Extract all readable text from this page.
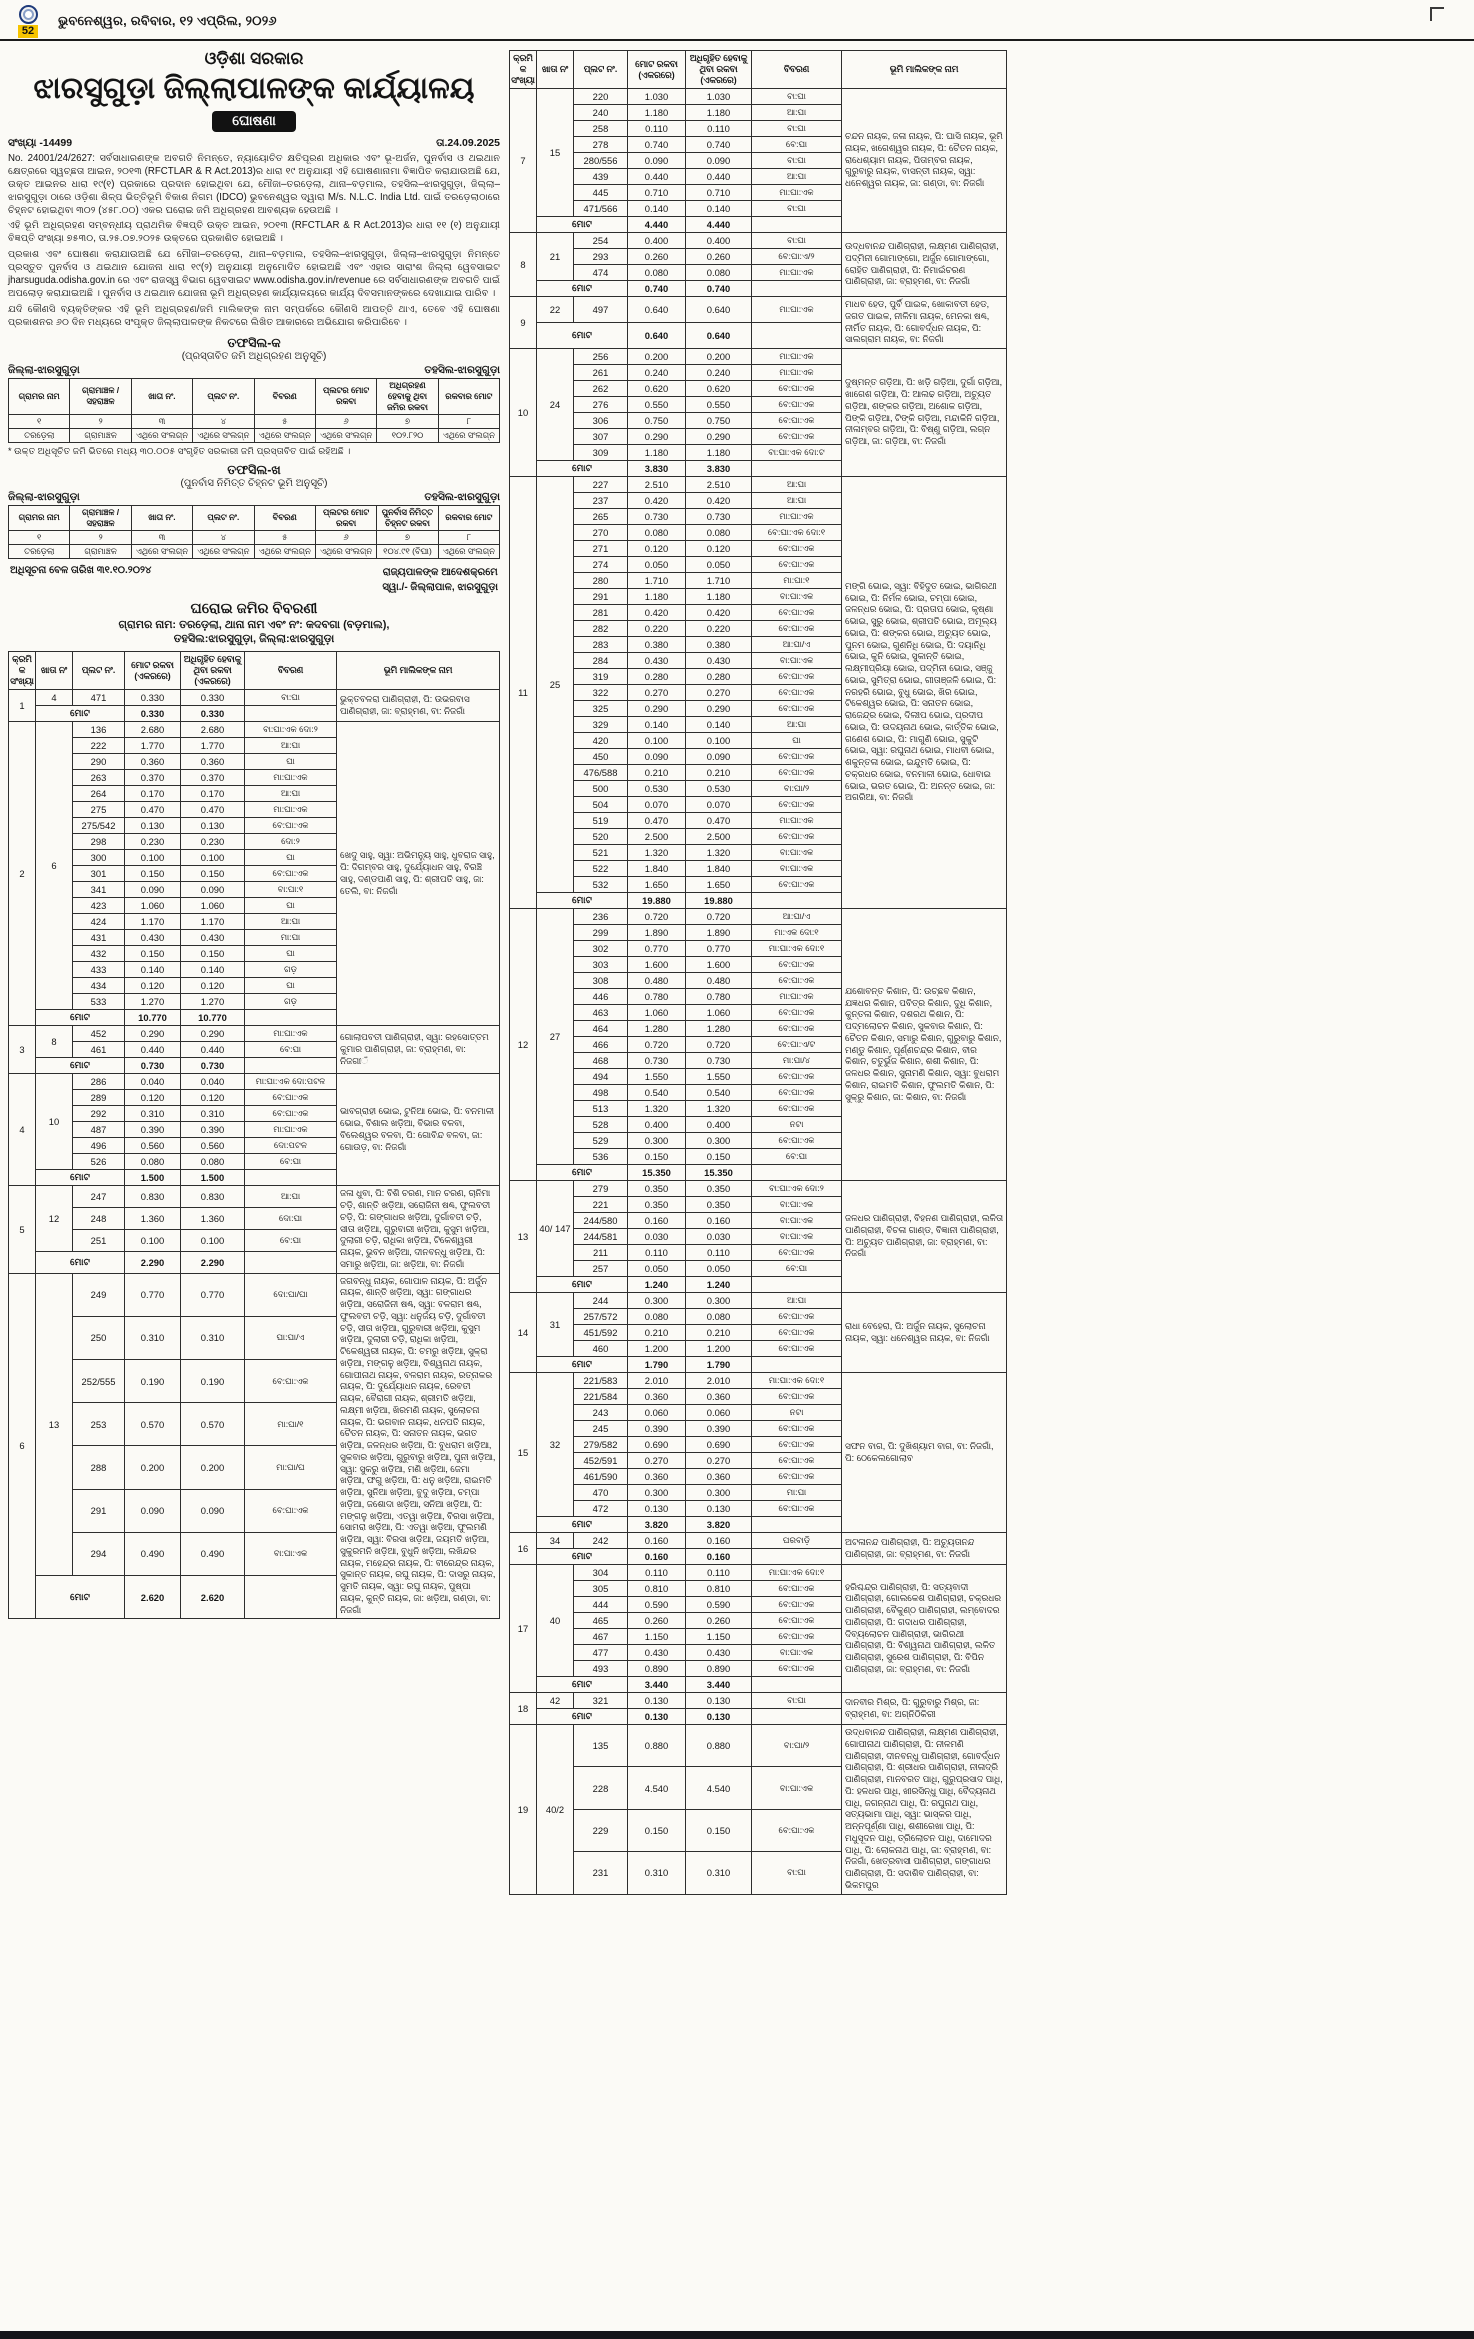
52
ଭୁବନେଶ୍ୱର, ରବିବାର, ୧୨ ଏପ୍ରିଲ, ୨୦୨୬
ଓଡ଼ିଶା ସରକାର
ଝାରସୁଗୁଡ଼ା ଜିଲ୍ଲାପାଳଙ୍କ କାର୍ଯ୍ୟାଳୟ
ଘୋଷଣା
ସଂଖ୍ୟା -14499	ତା.24.09.2025

No. 24001/24/2627: ସର୍ବସାଧାରଣଙ୍କ ଅବଗତି ନିମନ୍ତେ, ନ୍ୟାୟୋଚିତ କ୍ଷତିପୂରଣ ଅଧିକାର ଏବଂ ଭୂ-ଅର୍ଜନ, ପୁନର୍ବାସ ଓ ଥଇଥାନ କ୍ଷେତ୍ରରେ ସ୍ୱଚ୍ଛତା ଆଇନ, ୨୦୧୩ (RFCTLAR & R Act.2013)ର ଧାରା ୧୯ ଅନୁଯାୟୀ ଏହି ଘୋଷଣାନାମା ବିଜ୍ଞାପିତ କରାଯାଉଅଛି ଯେ, ଉକ୍ତ ଆଇନର ଧାରା ୧୯(୧) ପ୍ରକାରେ ପ୍ରଦାନ ହୋଇଥିବା ଯେ, ମୌଜା–ତରଡ଼େଲା, ଥାନା–ବଡ଼ମାଲ, ତହସିଲ–ଝାରସୁଗୁଡ଼ା, ଜିଲ୍ଲା–ଝାରସୁଗୁଡ଼ା ଠାରେ ଓଡ଼ିଶା ଶିଳ୍ପ ଭିତ୍ତିଭୂମି ବିକାଶ ନିଗମ (IDCO) ଭୁବନେଶ୍ୱର ଦ୍ୱାରା M/s. N.L.C. India Ltd. ପାଇଁ ତରଡ଼େଲାଠାରେ ଚିହ୍ନଟ ହୋଇଥିବା ୩୦୨ (୪୫୮.୦୦) ଏକର ଘରୋଇ ଜମି ଅଧିଗ୍ରହଣ ଆବଶ୍ୟକ ହେଉଅଛି ।

ଏହି ଭୂମି ଅଧିଗ୍ରହଣ ସମ୍ବନ୍ଧୀୟ ପ୍ରାଥମିକ ବିଜ୍ଞପ୍ତି ଉକ୍ତ ଆଇନ, ୨୦୧୩ (RFCTLAR & R Act.2013)ର ଧାରା ୧୧ (୧) ଅନୁଯାୟୀ ବିଜ୍ଞପ୍ତି ସଂଖ୍ୟା ୭୫୩୦, ତା.୨୫.୦୭.୨୦୨୫ ଉକ୍ତରେ ପ୍ରକାଶିତ ହୋଇଅଛି ।

ପ୍ରକାଶ ଏବଂ ଘୋଷଣା କରାଯାଉଅଛି ଯେ ମୌଜା–ତରଡ଼େଲା, ଥାନା–ବଡ଼ମାଲ, ତହସିଲ–ଝାରସୁଗୁଡ଼ା, ଜିଲ୍ଲା–ଝାରସୁଗୁଡ଼ା ନିମନ୍ତେ ପ୍ରସ୍ତୁତ ପୁନର୍ବାସ ଓ ଥଇଥାନ ଯୋଜନା ଧାରା ୧୯(୨) ଅନୁଯାୟୀ ଅନୁମୋଦିତ ହୋଇଅଛି ଏବଂ ଏହାର ସାରାଂଶ ଜିଲ୍ଲା ୱେବସାଇଟ jharsuguda.odisha.gov.in ରେ ଏବଂ ରାଜସ୍ୱ ବିଭାଗ ୱେବସାଇଟ www.odisha.gov.in/revenue ରେ ସର୍ବସାଧାରଣଙ୍କ ଅବଗତି ପାଇଁ ଅପଲୋଡ଼ କରାଯାଇଅଛି । ପୁନର୍ବାସ ଓ ଥଇଥାନ ଯୋଜନା ଭୂମି ଅଧିଗ୍ରହଣ କାର୍ଯ୍ୟାଳୟରେ କାର୍ଯ୍ୟ ଦିବସମାନଙ୍କରେ ଦେଖାଯାଇ ପାରିବ ।

ଯଦି କୌଣସି ବ୍ୟକ୍ତିଙ୍କର ଏହି ଭୂମି ଅଧିଗ୍ରହଣ/ଜମି ମାଲିକଙ୍କ ନାମ ସମ୍ପର୍କରେ କୌଣସି ଆପତ୍ତି ଥାଏ, ତେବେ ଏହି ଘୋଷଣା ପ୍ରକାଶନର ୬୦ ଦିନ ମଧ୍ୟରେ ସଂପୃକ୍ତ ଜିଲ୍ଲାପାଳଙ୍କ ନିକଟରେ ଲିଖିତ ଆକାରରେ ଅଭିଯୋଗ କରିପାରିବେ ।

ତଫସିଲ-କ
(ପ୍ରସ୍ତାବିତ ଜମି ଅଧିଗ୍ରହଣ ଅନୁସୂଚି)
ଜିଲ୍ଲା-ଝାରସୁଗୁଡ଼ା	ତହସିଲ-ଝାରସୁଗୁଡ଼ା
ଗ୍ରାମର ନାମ	ଗ୍ରାମାଞ୍ଚଳ /ସହରାଞ୍ଚଳ	ଖାତା ନଂ.	ପ୍ଲଟ ନଂ.	ବିବରଣ	ପ୍ଲଟର ମୋଟ ରକବା	ଅଧିଗ୍ରହଣ ହେବାକୁ ଥିବା ଜମିର ରକବା	ରକବାର ମୋଟ
୧	୨	୩	୪	୫	୬	୭	୮
ତରଡ଼େଲା	ଗ୍ରାମାଞ୍ଚଳ	ଏଥିରେ ସଂଲଗ୍ନ	ଏଥିରେ ସଂଲଗ୍ନ	ଏଥିରେ ସଂଲଗ୍ନ	ଏଥିରେ ସଂଲଗ୍ନ	୧୦୨.୮୨୦	ଏଥିରେ ସଂଲଗ୍ନ

* ଉକ୍ତ ଅଧିସୂଚିତ ଜମି ଭିତରେ ମଧ୍ୟ ୩୦.୦୦୫ ସଂଗୃହିତ ସରକାରୀ ଜମି ପ୍ରସ୍ତାବିତ ପାଇଁ ରହିଅଛି ।

ତଫସିଲ-ଖ
(ପୁନର୍ବାସ ନିମିତ୍ତ ଚିହ୍ନଟ ଭୂମି ଅନୁସୂଚି)
ଜିଲ୍ଲା-ଝାରସୁଗୁଡ଼ା	ତହସିଲ-ଝାରସୁଗୁଡ଼ା
ଗ୍ରାମର ନାମ	ଗ୍ରାମାଞ୍ଚଳ /ସହରାଞ୍ଚଳ	ଖାତା ନଂ.	ପ୍ଲଟ ନଂ.	ବିବରଣ	ପ୍ଲଟର ମୋଟ ରକବା	ପୁନର୍ବାସ ନିମିତ୍ତ ଚିହ୍ନଟ ରକବା	ରକବାର ମୋଟ
୧	୨	୩	୪	୫	୬	୭	୮
ତରଡ଼େଲା	ଗ୍ରାମାଞ୍ଚଳ	ଏଥିରେ ସଂଲଗ୍ନ	ଏଥିରେ ସଂଲଗ୍ନ	ଏଥିରେ ସଂଲଗ୍ନ	ଏଥିରେ ସଂଲଗ୍ନ	୧୦୪.୯୧ (ବିଘା)	ଏଥିରେ ସଂଲଗ୍ନ
ଅଧିସୂଚନା ବେଳ ତାରିଖ ୩୧.୧୦.୨୦୨୪	ରାଜ୍ୟପାଳଙ୍କ ଆଦେଶକ୍ରମେ
ସ୍ୱା./- ଜିଲ୍ଲାପାଳ, ଝାରସୁଗୁଡ଼ା
ଘରୋଇ ଜମିର ବିବରଣୀ
ଗ୍ରାମର ନାମ: ତରଡ଼େଲା, ଥାନା ନାମ ଏବଂ ନଂ: କଦବଗା (ବଡ଼ମାଲ),
ତହସିଲ:ଝାରସୁଗୁଡ଼ା, ଜିଲ୍ଲା:ଝାରସୁଗୁଡ଼ା
କ୍ରମିକ ସଂଖ୍ୟା	ଖାତା ନଂ	ପ୍ଲଟ ନଂ.	ମୋଟ ରକବା (ଏକରରେ)	ଅଧିଗୃହିତ ହେବାକୁ ଥିବା ରକବା (ଏକରରେ)	ବିବରଣ	ଭୂମି ମାଲିକଙ୍କ ନାମ
1	4	471	0.330	0.330	ବା:ଘା	ଭୁକ୍ତବଳରା ପାଣିଗ୍ରାହୀ, ପି: ଉଭରବାସ ପାଣିଗ୍ରାହୀ, ଜା: ବ୍ରାହ୍ମଣ, ବା: ନିଜଗାଁ
	ମୋଟ		0.330	0.330		
2	6	136	2.680	2.680	ବା:ଘା:ଏକ ଦୋ:୨	ଖେଦୁ ସାହୁ, ସ୍ୱା: ଅଭିମନ୍ୟୁ ସାହୁ, ଧୁବରାଜ ସାହୁ, ପି: ଦିଗମ୍ବର ସାହୁ, ଦୁର୍ଯ୍ୟୋଧନ ସାହୁ, ବିରଞ୍ଚି ସାହୁ, ଦଣ୍ଡପାଣି ସାହୁ, ପି: ଶ୍ରୀପତି ସାହୁ, ଜା: ତେଲି, ବା: ନିଜଗାଁ
		222	1.770	1.770	ଆ:ଘା	
		290	0.360	0.360	ଘା	
		263	0.370	0.370	ମା:ଘା:ଏକ	
		264	0.170	0.170	ଆ:ଘା	
		275	0.470	0.470	ମା:ଘା:ଏକ	
		275/542	0.130	0.130	ବେ:ଘା:ଏକ	
		298	0.230	0.230	ଦୋ:୨	
		300	0.100	0.100	ଘା	
		301	0.150	0.150	ବେ:ଘା:ଏକ	
		341	0.090	0.090	ବା:ଘା:୧	
		423	1.060	1.060	ଘା	
		424	1.170	1.170	ଆ:ଘା	
		431	0.430	0.430	ମା:ଘା	
		432	0.150	0.150	ଘା	
		433	0.140	0.140	ଗଡ଼	
		434	0.120	0.120	ଘା	
		533	1.270	1.270	ଗଡ଼	
	ମୋଟ		10.770	10.770		
3	8	452	0.290	0.290	ମା:ଘା:ଏକ	ଗୋଲାପବତୀ ପାଣିଗ୍ରାହୀ, ସ୍ୱା: ରହସୋତ୍ତମ କୁମାର ପାଣିଗ୍ରାହୀ, ଜା: ବ୍ରାହ୍ମଣ, ବା: ନିଜଗା́ଁ
		461	0.440	0.440	ବେ:ଘା	
	ମୋଟ		0.730	0.730		
4	10	286	0.040	0.040	ମା:ଘା:ଏକ ଦୋ:ପଟଳ	ଭାବଗ୍ରାହୀ ଭୋଇ, ଟୁନିଆ ଭୋଇ, ପି: ବନମାଳୀ ଭୋଇ, ବିଶାଲ ଖଡ଼ିଆ, ବିଭାର ବଳବା, ବିଲେଶ୍ୱର ବଳବା, ପି: ଗୋବିନ୍ଦ ବଳବା, ଜା: ଗୋଉଡ଼, ବା: ନିଜଗାଁ
		289	0.120	0.120	ବେ:ଘା:ଏକ	
		292	0.310	0.310	ବେ:ଘା:ଏକ	
		487	0.390	0.390	ମା:ଘା:ଏକ	
		496	0.560	0.560	ଦୋ:ପଟଳ	
		526	0.080	0.080	ବେ:ଘା	
	ମୋଟ		1.500	1.500		
5	12	247	0.830	0.830	ଆ:ଘା	ଜଳା ଧୁବା, ପି: ବିଶି ଚରଣ, ମାନ ଚରଣ, ଚାନିମା ଚଡ଼ି, ଶାନ୍ତି ଖଡ଼ିଆ, ସରୋଜିନୀ ଷଣ୍ଢ, ଫୁଲବତୀ ଚଡ଼ି, ପି: ଗଙ୍ଗାଧର ଖଡ଼ିଆ, ଦୁର୍ଗାବତୀ ଚଡ଼ି, ସୀତା ଖଡ଼ିଆ, ଗୁରୁବାରୀ ଖଡ଼ିଆ, କୁସୁମ ଖଡ଼ିଆ, ଦୁଲାରୀ ଚଡ଼ି, ରାଧିକା ଖଡ଼ିଆ, ଟିକେଶ୍ୱରୀ ନାୟକ, ଭୁବନ ଖଡ଼ିଆ, ଦୀନବନ୍ଧୁ ଖଡ଼ିଆ, ପି: ସମାରୁ ଖଡ଼ିଆ, ଜା: ଖଡ଼ିଆ, ବା: ନିଜଗାଁ
		248	1.360	1.360	ଦୋ:ଘା	
		251	0.100	0.100	ବେ:ଘା	
	ମୋଟ		2.290	2.290		
6	13	249	0.770	0.770	ଦୋ:ଘା/ଘା	ଜଗବନ୍ଧୁ ନାୟକ, ଗୋପାଳ ନାୟକ, ପି: ଅର୍ଜୁନ ନାୟକ, ଶାନ୍ତି ଖଡ଼ିଆ, ସ୍ୱା: ଗଙ୍ଗାଧର ଖଡ଼ିଆ, ସରୋଜିନୀ ଷଣ୍ଢ, ସ୍ୱା: ବଳରାମ ଷଣ୍ଢ, ଫୁଲବତୀ ଚଡ଼ି, ସ୍ୱା: ଧନୁର୍ଜୟ ଚଡ଼ି, ଦୁର୍ଗାବତୀ ଚଡ଼ି, ସୀତା ଖଡ଼ିଆ, ଗୁରୁବାରୀ ଖଡ଼ିଆ, କୁସୁମ ଖଡ଼ିଆ, ଦୁଲାରୀ ଚଡ଼ି, ରାଧିକା ଖଡ଼ିଆ, ଟିକେଶ୍ୱରୀ ନାୟକ, ପି: ଚମରୁ ଖଡ଼ିଆ, ସୁକ୍ରା ଖଡ଼ିଆ, ମଙ୍ଗଳୁ ଖଡ଼ିଆ, ବିଶ୍ୱନାଥ ନାୟକ, ଗୋପୀନାଥ ନାୟକ, ବଳରାମ ନାୟକ, ରତ୍ନାକର ନାୟକ, ପି: ଦୁର୍ଯ୍ୟୋଧନ ନାୟକ, ରେବତୀ ନାୟକ, ବୈରାଗୀ ନାୟକ, ଶ୍ରୀମତି ଖଡ଼ିଆ, ଲକ୍ଷ୍ମୀ ଖଡ଼ିଆ, ଖିରମଣି ନାୟକ, ସୁଲୋଚନା ନାୟକ, ପି: ଭଗବାନ ନାୟକ, ଧନପତି ନାୟକ, ଚୈତନ ନାୟକ, ପି: ସନାତନ ନାୟକ, ଭଗତ ଖଡ଼ିଆ, ଜଳନ୍ଧର ଖଡ଼ିଆ, ପି: ବୁଧରାମ ଖଡ଼ିଆ, ସୁକବାର ଖଡ଼ିଆ, ଗୁରୁବାରୁ ଖଡ଼ିଆ, ପୁନୀ ଖଡ଼ିଆ, ସ୍ୱା: ସୁକରୁ ଖଡ଼ିଆ, ମଣି ଖଡ଼ିଆ, ଜେମା ଖଡ଼ିଆ, ଫଗୁ ଖଡ଼ିଆ, ପି: ଧନୁ ଖଡ଼ିଆ, ରାଇମତି ଖଡ଼ିଆ, ସୁନିଆ ଖଡ଼ିଆ, ବୁଦୁ ଖଡ଼ିଆ, ଚମ୍ପା ଖଡ଼ିଆ, ଜଶୋଦା ଖଡ଼ିଆ, ସନିଆ ଖଡ଼ିଆ, ପି: ମଙ୍ଗଳୁ ଖଡ଼ିଆ, ଏତୱା ଖଡ଼ିଆ, ବିରସା ଖଡ଼ିଆ, ସୋମରା ଖଡ଼ିଆ, ପି: ଏତୱା ଖଡ଼ିଆ, ଫୁଲମଣି ଖଡ଼ିଆ, ସ୍ୱା: ବିରସା ଖଡ଼ିଆ, ଜୟମତି ଖଡ଼ିଆ, ସୁକୁରମନି ଖଡ଼ିଆ, ବୁଧୁନି ଖଡ଼ିଆ, ଲଖିନ୍ଦର ନାୟକ, ମହେନ୍ଦ୍ର ନାୟକ, ପି: ବୀରେନ୍ଦ୍ର ନାୟକ, ସୁକାନ୍ତ ନାୟକ, ରଘୁ ନାୟକ, ପି: ଦାସରୁ ନାୟକ, ସୁମତି ନାୟକ, ସ୍ୱା: ରଘୁ ନାୟକ, ପୁଷ୍ପା ନାୟକ, କୁନ୍ତି ନାୟକ, ଜା: ଖଡ଼ିଆ, ଗଣ୍ଡା, ବା: ନିଜଗାଁ
		250	0.310	0.310	ଘା:ଘା/ଏ	
		252/555	0.190	0.190	ବେ:ଘା:ଏକ	
		253	0.570	0.570	ମା:ଘା/୧	
		288	0.200	0.200	ମା:ଘା/ଘ	
		291	0.090	0.090	ବେ:ଘା:ଏକ	
		294	0.490	0.490	ବା:ଘା:ଏକ	
	ମୋଟ		2.620	2.620		
କ୍ରମିକ ସଂଖ୍ୟା	ଖାତା ନଂ	ପ୍ଲଟ ନଂ.	ମୋଟ ରକବା (ଏକରରେ)	ଅଧିଗୃହିତ ହେବାକୁ ଥିବା ରକବା (ଏକରରେ)	ବିବରଣ	ଭୂମି ମାଲିକଙ୍କ ନାମ
7	15	220	1.030	1.030	ବା:ଘା	ଚନ୍ଦନ ନାୟକ, ଜଳା ନାୟକ, ପି: ଘାସି ନାୟକ, ଭୂମି ନାୟକ, ଖଗେଶ୍ୱର ନାୟକ, ପି: ଚୈତନ ନାୟକ, ରାଧେଶ୍ୟାମ ନାୟକ, ପିତାମ୍ବର ନାୟକ, ଗୁରୁବାରୁ ନାୟକ, ବାସନ୍ତୀ ନାୟକ, ସ୍ୱା: ଧନେଶ୍ୱର ନାୟକ, ଜା: ଗଣ୍ଡା, ବା: ନିଜଗାଁ
		240	1.180	1.180	ଆ:ଘା	
		258	0.110	0.110	ବା:ଘା	
		278	0.740	0.740	ବେ:ଘା	
		280/556	0.090	0.090	ବା:ଘା	
		439	0.440	0.440	ଆ:ଘା	
		445	0.710	0.710	ମା:ଘା:ଏକ	
		471/566	0.140	0.140	ବା:ଘା	
	ମୋଟ		4.440	4.440		
8	21	254	0.400	0.400	ବା:ଘା	ଉଦ୍ଧବାନନ୍ଦ ପାଣିଗ୍ରାହୀ, ଲକ୍ଷ୍ମଣ ପାଣିଗ୍ରାହୀ, ପଦ୍ମିନୀ ଗୋମାଙ୍ଗୋ, ଅର୍ଜୁନ ଗୋମାଙ୍ଗୋ, ରୋହିତ ପାଣିଗ୍ରାହୀ, ପି: ନିମାଇଁଚରଣ ପାଣିଗ୍ରାହୀ, ଜା: ବ୍ରାହ୍ମଣ, ବା: ନିଜଗାଁ
		293	0.260	0.260	ବେ:ଘା:ଏ/୨	
		474	0.080	0.080	ମା:ଘା:ଏକ	
	ମୋଟ		0.740	0.740		
9	22	497	0.640	0.640	ମା:ଘା:ଏକ	ମାଧବ ହେଡ, ପୁର୍ବି ପାଇକ, ଖୋକାବତୀ ହେଡ, ଜଗତ ପାଇକ, ନୀଳିମା ନାୟକ, ମେନକା ଷଣ୍ଢ, ନୀର୍ମିତ ନାୟକ, ପି: ଗୋବର୍ଦ୍ଧନ ନାୟକ, ପି: ସାଲଗ୍ରାମ ନାୟକ, ବା: ନିଜଗାଁ
	ମୋଟ		0.640	0.640		
10	24	256	0.200	0.200	ମା:ଘା:ଏକ	ଦୁଷ୍ମନ୍ତ ଗଡ଼ିଆ, ପି: ଖଡ଼ି ଗଡ଼ିଆ, ଦୁର୍ଗା ଗଡ଼ିଆ, ଖାଗେଶ ଗଡ଼ିଆ, ପି: ଆଲଢ ଗଡ଼ିଆ, ଅଚ୍ୟୁତ ଗଡ଼ିଆ, ଶଙ୍କର ଗଡ଼ିଆ, ଅଶୋକ ଗଡ଼ିଆ, ପିଙ୍କି ଗଡ଼ିଆ, ଟିଙ୍କି ଗଡ଼ିଆ, ମନ୍ଦାକିନି ଗଡ଼ିଆ, ନୀଳାମ୍ବର ଗଡ଼ିଆ, ପି: ବିଷ୍ଣୁ ଗଡ଼ିଆ, ଲଗ୍ନ ଗଡ଼ିଆ, ଜା: ଗଡ଼ିଆ, ବା: ନିଜଗାଁ
		261	0.240	0.240	ମା:ଘା:ଏକ	
		262	0.620	0.620	ବେ:ଘା:ଏକ	
		276	0.550	0.550	ବେ:ଘା:ଏକ	
		306	0.750	0.750	ବେ:ଘା:ଏକ	
		307	0.290	0.290	ବେ:ଘା:ଏକ	
		309	1.180	1.180	ବା:ଘା:ଏକ ଦୋ:ଟ	
	ମୋଟ		3.830	3.830		
11	25	227	2.510	2.510	ଆ:ଘା	ମଙ୍ଗି ଭୋଇ, ସ୍ୱା: ବିହିଦୁତ ଭୋଇ, ଭାଗିରଥୀ ଭୋଇ, ପି: ନିର୍ମଳ ଭୋଇ, ଚମ୍ପା ଭୋଇ, ଜଳନ୍ଧର ଭୋଇ, ପି: ପ୍ରତାପ ଭୋଇ, କୃଷ୍ଣା ଭୋଇ, ସୁରୁ ଭୋଇ, ଶ୍ରୀପତି ଭୋଇ, ଅମୂଲ୍ୟ ଭୋଇ, ପି: ଶଙ୍କର ଭୋଇ, ଅଚ୍ୟୁତ ଭୋଇ, ପୁନମ ଭୋଇ, ଗୁଣନିଧି ଭୋଇ, ପି: ଦୟାନିଧି ଭୋଇ, କୁନି ଭୋଇ, ସୁକାନ୍ତି ଭୋଇ, ଲକ୍ଷ୍ମୀପ୍ରିୟା ଭୋଇ, ପଦ୍ମିନୀ ଭୋଇ, ସଞ୍ଜୁ ଭୋଇ, ସୁମିତ୍ରା ଭୋଇ, ଗୀତାଞ୍ଜଳି ଭୋଇ, ପି: ନରହରି ଭୋଇ, ବୁଧୁ ଭୋଇ, ଖିର ଭୋଇ, ଟିକେଶ୍ୱର ଭୋଇ, ପି: ସନାତନ ଭୋଇ, ରାଜେନ୍ଦ୍ର ଭୋଇ, ଦିଲୀପ ଭୋଇ, ପ୍ରଦୀପ ଭୋଇ, ପି: ଉଦୟନାଥ ଭୋଇ, କାର୍ତ୍ତିକ ଭୋଇ, ଗଣେଶ ଭୋଇ, ପି: ମାଗୁଣି ଭୋଇ, ସୁକୁଟି ଭୋଇ, ସ୍ୱା: ରଘୁନାଥ ଭୋଇ, ମାଧବୀ ଭୋଇ, ଶକୁନ୍ତଳା ଭୋଇ, ଇନ୍ଦୁମତି ଭୋଇ, ପି: ଚକ୍ରଧର ଭୋଇ, ବନମାଳୀ ଭୋଇ, ଧୋବାଇ ଭୋଇ, ଭରତ ଭୋଇ, ପି: ଅନନ୍ତ ଭୋଇ, ଜା: ଅଗରିଆ, ବା: ନିଜଗାଁ
		237	0.420	0.420	ଆ:ଘା	
		265	0.730	0.730	ମା:ଘା:ଏକ	
		270	0.080	0.080	ବେ:ଘା:ଏକ ଦୋ:୧	
		271	0.120	0.120	ବେ:ଘା:ଏକ	
		274	0.050	0.050	ବେ:ଘା:ଏକ	
		280	1.710	1.710	ମା:ଘା:୧	
		291	1.180	1.180	ବା:ଘା:ଏକ	
		281	0.420	0.420	ବେ:ଘା:ଏକ	
		282	0.220	0.220	ବେ:ଘା:ଏକ	
		283	0.380	0.380	ଆ:ଘା/ଏ	
		284	0.430	0.430	ବା:ଘା:ଏକ	
		319	0.280	0.280	ବେ:ଘା:ଏକ	
		322	0.270	0.270	ବେ:ଘା:ଏକ	
		325	0.290	0.290	ବେ:ଘା:ଏକ	
		329	0.140	0.140	ଆ:ଘା	
		420	0.100	0.100	ଘା	
		450	0.090	0.090	ବେ:ଘା:ଏକ	
		476/588	0.210	0.210	ବେ:ଘା:ଏକ	
		500	0.530	0.530	ବା:ଘା/୨	
		504	0.070	0.070	ବେ:ଘା:ଏକ	
		519	0.470	0.470	ମା:ଘା:ଏକ	
		520	2.500	2.500	ବେ:ଘା:ଏକ	
		521	1.320	1.320	ବା:ଘା:ଏକ	
		522	1.840	1.840	ବା:ଘା:ଏକ	
		532	1.650	1.650	ବେ:ଘା:ଏକ	
	ମୋଟ		19.880	19.880		
12	27	236	0.720	0.720	ଆ:ଘା/ଏ	ଯଶୋବନ୍ତ କିଶାନ, ପି: ଉଚ୍ଛବ କିଶାନ, ଯଜ୍ଞଧର କିଶାନ, ପବିତ୍ର କିଶାନ, ଦୁଧି କିଶାନ, କୁନ୍ତଳା କିଶାନ, ଦଶରଥ କିଶାନ, ପି: ପଦ୍ମଲୋଚନ କିଶାନ, ସୁକବାର କିଶାନ, ପି: ଚୈତନ କିଶାନ, ସମାରୁ କିଶାନ, ଗୁରୁବାରୁ କିଶାନ, ମଣ୍ଡୁ କିଶାନ, ପୂର୍ଣ୍ଣଚନ୍ଦ୍ର କିଶାନ, ବୀର କିଶାନ, ଚତୁର୍ଭୁଜ କିଶାନ, ଶଶୀ କିଶାନ, ପି: ଜଳଧର କିଶାନ, ସୁନାମଣି କିଶାନ, ସ୍ୱା: ବୁଧରାମ କିଶାନ, ରାଇମତି କିଶାନ, ଫୁଲମତି କିଶାନ, ପି: ସୁକ୍ରୁ କିଶାନ, ଜା: କିଶାନ, ବା: ନିଜଗାଁ
		299	1.890	1.890	ମା:ଏକ ଦୋ:୧	
		302	0.770	0.770	ମା:ଘା:ଏକ ଦୋ:୧	
		303	1.600	1.600	ବେ:ଘା:ଏକ	
		308	0.480	0.480	ବେ:ଘା:ଏକ	
		446	0.780	0.780	ମା:ଘା:ଏକ	
		463	1.060	1.060	ବେ:ଘା:ଏକ	
		464	1.280	1.280	ବେ:ଘା:ଏକ	
		466	0.720	0.720	ବେ:ଘା:ଏ/ଟ	
		468	0.730	0.730	ମା:ଘା/୪	
		494	1.550	1.550	ବେ:ଘା:ଏକ	
		498	0.540	0.540	ବେ:ଘା:ଏକ	
		513	1.320	1.320	ବେ:ଘା:ଏକ	
		528	0.400	0.400	ନଟା	
		529	0.300	0.300	ବେ:ଘା:ଏକ	
		536	0.150	0.150	ବେ:ଘା	
	ମୋଟ		15.350	15.350		
13	40/ 147	279	0.350	0.350	ବା:ଘା:ଏକ ଦୋ:୨	ଜଳଧର ପାଣିଗ୍ରାହୀ, ବିହନଣ ପାଣିଗ୍ରାହୀ, ଲଳିତା ପାଣିଗ୍ରାହୀ, ବିଚଳା ଗାଣ୍ଡ, ବିଜ୍ଞାନୀ ପାଣିଗ୍ରାହୀ, ପି: ଅଚ୍ୟୁତ ପାଣିଗ୍ରାହୀ, ଜା: ବ୍ରାହ୍ମଣ, ବା: ନିଜଗାଁ
		221	0.350	0.350	ବା:ଘା:ଏକ	
		244/580	0.160	0.160	ବା:ଘା:ଏକ	
		244/581	0.030	0.030	ବା:ଘା:ଏକ	
		211	0.110	0.110	ବେ:ଘା:ଏକ	
		257	0.050	0.050	ବେ:ଘା	
	ମୋଟ		1.240	1.240		
14	31	244	0.300	0.300	ଆ:ଘା	ରାଧା ବେହେରା, ପି: ଅର୍ଜୁନ ନାୟକ, ସୁଲୋଚନା ନାୟକ, ସ୍ୱା: ଧନେଶ୍ୱର ନାୟକ, ବା: ନିଜଗାଁ
		257/572	0.080	0.080	ବେ:ଘା:ଏକ	
		451/592	0.210	0.210	ବେ:ଘା:ଏକ	
		460	1.200	1.200	ବେ:ଘା:ଏକ	
	ମୋଟ		1.790	1.790		
15	32	221/583	2.010	2.010	ମା:ଘା:ଏକ ଦୋ:୧	ସଫନ ବାଗ, ପି: ଦୁଖିଶ୍ୟାମ ବାଗ, ବା: ନିଜଗାଁ, ପି: ଠେକେଲଗୋଲାବ
		221/584	0.360	0.360	ବେ:ଘା:ଏକ	
		243	0.060	0.060	ନଟା	
		245	0.390	0.390	ବେ:ଘା:ଏକ	
		279/582	0.690	0.690	ବେ:ଘା:ଏକ	
		452/591	0.270	0.270	ବେ:ଘା:ଏକ	
		461/590	0.360	0.360	ବେ:ଘା:ଏକ	
		470	0.300	0.300	ମା:ଘା	
		472	0.130	0.130	ବେ:ଘା:ଏକ	
	ମୋଟ		3.820	3.820		
16	34	242	0.160	0.160	ଘରବାଡ଼ି	ଅଟଳାନନ୍ଦ ପାଣିଗ୍ରାହୀ, ପି: ଅଚ୍ୟୁତାନନ୍ଦ ପାଣିଗ୍ରାହୀ, ଜା: ବ୍ରାହ୍ମଣ, ବା: ନିଜଗାଁ
	ମୋଟ		0.160	0.160		
17	40	304	0.110	0.110	ମା:ଘା:ଏକ ଦୋ:୧	ହରିଶ୍ଚନ୍ଦ୍ର ପାଣିଗ୍ରାହୀ, ପି: ସତ୍ୟବାଦୀ ପାଣିଗ୍ରାହୀ, ଗୋଲକେଶ ପାଣିଗ୍ରାହୀ, ଚକ୍ରଧର ପାଣିଗ୍ରାହୀ, ବୈକୁଣ୍ଠ ପାଣିଗ୍ରାହୀ, ଲମ୍ବୋଦର ପାଣିଗ୍ରାହୀ, ପି: ଗଦାଧର ପାଣିଗ୍ରାହୀ, ଦିବ୍ୟଲୋଚନ ପାଣିଗ୍ରାହୀ, ଭାଗିରଥୀ ପାଣିଗ୍ରାହୀ, ପି: ବିଶ୍ୱନାଥ ପାଣିଗ୍ରାହୀ, ଲଳିତ ପାଣିଗ୍ରାହୀ, ସୁରେଶ ପାଣିଗ୍ରାହୀ, ପି: ବିପିନ ପାଣିଗ୍ରାହୀ, ଜା: ବ୍ରାହ୍ମଣ, ବା: ନିଜଗାଁ
		305	0.810	0.810	ବେ:ଘା:ଏକ	
		444	0.590	0.590	ବେ:ଘା:ଏକ	
		465	0.260	0.260	ବେ:ଘା:ଏକ	
		467	1.150	1.150	ବେ:ଘା:ଏକ	
		477	0.430	0.430	ବା:ଘା:ଏକ	
		493	0.890	0.890	ବେ:ଘା:ଏକ	
	ମୋଟ		3.440	3.440		
18	42	321	0.130	0.130	ବା:ଘା	ଦାନବୀର ମିଶ୍ର, ପି: ଗୁରୁବାରୁ ମିଶ୍ର, ଜା: ବ୍ରାହ୍ମଣ, ବା: ଅଗ୍ନିଠିକିରୀ
	ମୋଟ		0.130	0.130		
19	40/2	135	0.880	0.880	ବା:ଘା/୨	ଉଦ୍ଧବାନନ୍ଦ ପାଣିଗ୍ରାହୀ, ଲକ୍ଷ୍ମଣ ପାଣିଗ୍ରାହୀ, ଗୋପୀନାଥ ପାଣିଗ୍ରାହୀ, ପି: ନୀଳମଣି ପାଣିଗ୍ରାହୀ, ଦୀନବନ୍ଧୁ ପାଣିଗ୍ରାହୀ, ଗୋବର୍ଦ୍ଧନ ପାଣିଗ୍ରାହୀ, ପି: ଶ୍ରୀଧର ପାଣିଗ୍ରାହୀ, ନୀଳାଦ୍ରି ପାଣିଗ୍ରାହୀ, ମାନବରତ ପାଧି, ଗୁରୁପ୍ରସାଦ ପାଧି, ପି: ହଳଧର ପାଧି, ଖୀରସିନ୍ଧୁ ପାଧି, ବୈଦ୍ୟନାଥ ପାଧି, ଜଗନ୍ନାଥ ପାଧି, ପି: ରଘୁନାଥ ପାଧି, ସତ୍ୟଭାମା ପାଧି, ସ୍ୱା: ଭାସ୍କର ପାଧି, ଅନ୍ନପୂର୍ଣ୍ଣା ପାଧି, ଶଶୀରେଖା ପାଧି, ପି: ମଧୁସୂଦନ ପାଧି, ତ୍ରିଲୋଚନ ପାଧି, ଦାମୋଦର ପାଧି, ପି: ଲୋକନାଥ ପାଧି, ଜା: ବ୍ରାହ୍ମଣ, ବା: ନିଜଗାଁ, ଖେତ୍ରବାସୀ ପାଣିଗ୍ରାହୀ, ଗଙ୍ଗାଧର ପାଣିଗ୍ରାହୀ, ପି: ସଦାଶିବ ପାଣିଗ୍ରାହୀ, ବା: ଭିକମପୁର
		228	4.540	4.540	ବା:ଘା:ଏକ	
		229	0.150	0.150	ବେ:ଘା:ଏକ	
		231	0.310	0.310	ବା:ଘା	
